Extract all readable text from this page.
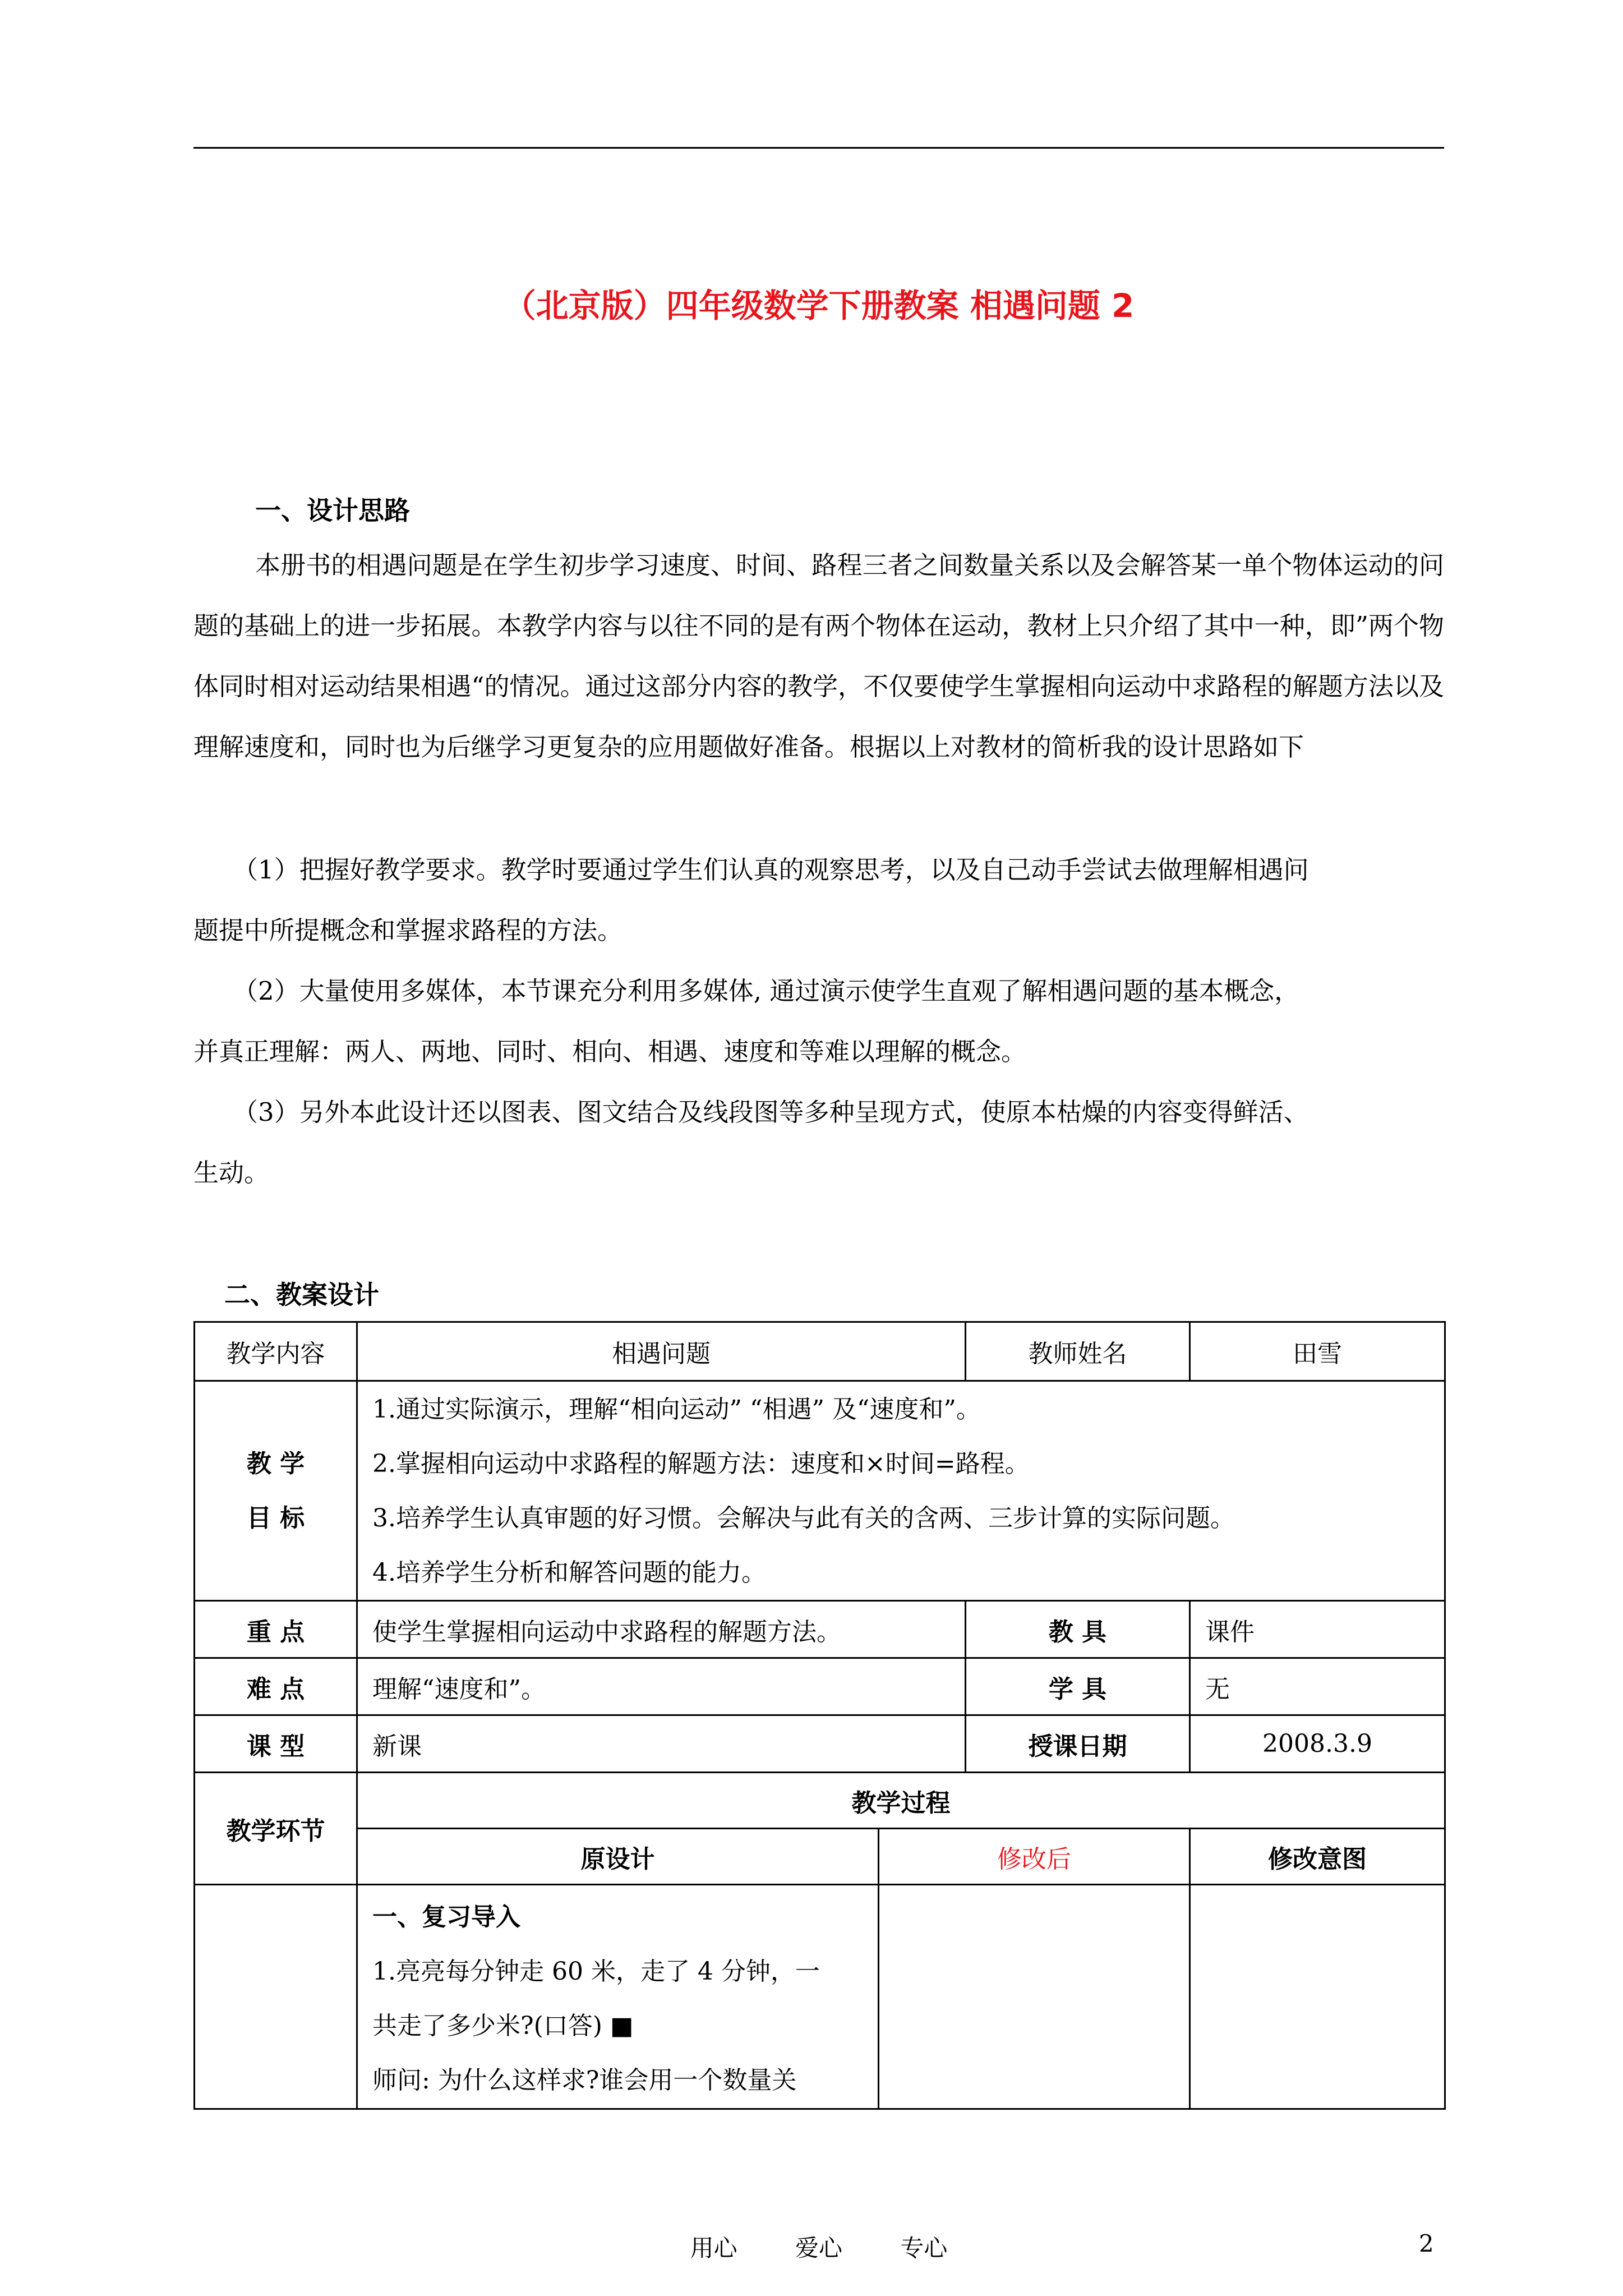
（北京版）四年级数学下册教案 相遇问题 2
一、设计思路

本册书的相遇问题是在学生初步学习速度、时间、路程三者之间数量关系以及会解答某一单个物体运动的问题的基础上的进一步拓展。本教学内容与以往不同的是有两个物体在运动，教材上只介绍了其中一种，即”两个物体同时相对运动结果相遇“的情况。通过这部分内容的教学，不仅要使学生掌握相向运动中求路程的解题方法以及理解速度和，同时也为后继学习更复杂的应用题做好准备。根据以上对教材的简析我的设计思路如下

（1）把握好教学要求。教学时要通过学生们认真的观察思考，以及自己动手尝试去做理解相遇问
题提中所提概念和掌握求路程的方法。
（2）大量使用多媒体，本节课充分利用多媒体, 通过演示使学生直观了解相遇问题的基本概念，
并真正理解：两人、两地、同时、相向、相遇、速度和等难以理解的概念。
（3）另外本此设计还以图表、图文结合及线段图等多种呈现方式，使原本枯燥的内容变得鲜活、
生动。
二、教案设计
教学内容	相遇问题		教师姓名	田雪

教 学
目 标	1.通过实际演示，理解“相向运动” “相遇” 及“速度和”。
2.掌握相向运动中求路程的解题方法：速度和×时间=路程。
3.培养学生认真审题的好习惯。会解决与此有关的含两、三步计算的实际问题。
4.培养学生分析和解答问题的能力。			

重 点	使学生掌握相向运动中求路程的解题方法。		教 具	课件
难 点	理解“速度和”。		学 具	无
课 型	新课		授课日期	2008.3.9
教学环节	教学过程			
	原设计	修改后		修改意图

	一、复习导入
1.亮亮每分钟走 60 米，走了 4 分钟，一
共走了多少米?(口答) ■
师问: 为什么这样求?谁会用一个数量关			

用心 爱心 专心	2
